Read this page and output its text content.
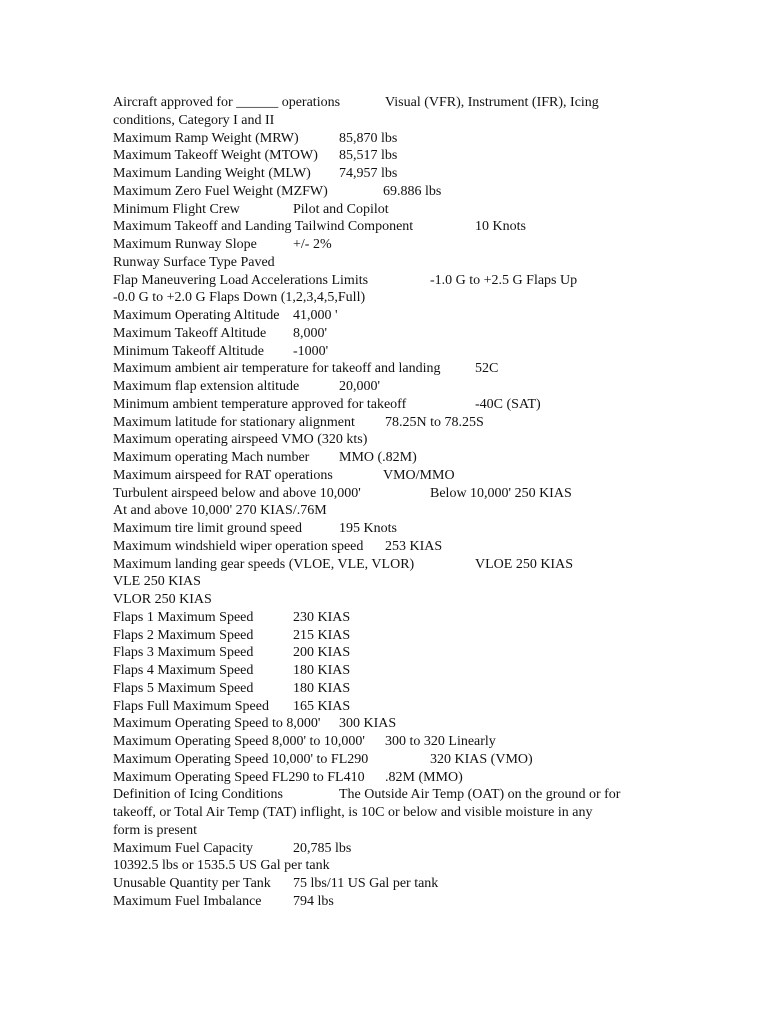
Aircraft approved for ______ operations	Visual (VFR), Instrument (IFR), Icing
conditions, Category I and II
Maximum Ramp Weight (MRW)	85,870 lbs
Maximum Takeoff Weight (MTOW) 85,517 lbs
Maximum Landing Weight (MLW) 74,957 lbs
Maximum Zero Fuel Weight (MZFW)	69.886 lbs
Minimum Flight Crew	Pilot and Copilot
Maximum Takeoff and Landing Tailwind Component	10 Knots
Maximum Runway Slope	+/- 2%
Runway Surface Type Paved
Flap Maneuvering Load Accelerations Limits	-1.0 G to +2.5 G Flaps Up
-0.0 G to +2.0 G Flaps Down (1,2,3,4,5,Full)
Maximum Operating Altitude 41,000 '
Maximum Takeoff Altitude 8,000'
Minimum Takeoff Altitude -1000'
Maximum ambient air temperature for takeoff and landing 52C
Maximum flap extension altitude	20,000'
Minimum ambient temperature approved for takeoff	-40C (SAT)
Maximum latitude for stationary alignment 78.25N to 78.25S
Maximum operating airspeed VMO (320 kts)
Maximum operating Mach number MMO (.82M)
Maximum airspeed for RAT operations	VMO/MMO
Turbulent airspeed below and above 10,000'	Below 10,000' 250 KIAS
At and above 10,000' 270 KIAS/.76M
Maximum tire limit ground speed	195 Knots
Maximum windshield wiper operation speed 253 KIAS
Maximum landing gear speeds (VLOE, VLE, VLOR)	VLOE 250 KIAS
VLE 250 KIAS
VLOR 250 KIAS
Flaps 1 Maximum Speed	230 KIAS
Flaps 2 Maximum Speed	215 KIAS
Flaps 3 Maximum Speed	200 KIAS
Flaps 4 Maximum Speed	180 KIAS
Flaps 5 Maximum Speed	180 KIAS
Flaps Full Maximum Speed 165 KIAS
Maximum Operating Speed to 8,000' 300 KIAS
Maximum Operating Speed 8,000' to 10,000' 300 to 320 Linearly
Maximum Operating Speed 10,000' to FL290	320 KIAS (VMO)
Maximum Operating Speed FL290 to FL410 .82M (MMO)
Definition of Icing Conditions	The Outside Air Temp (OAT) on the ground or for
takeoff, or Total Air Temp (TAT) inflight, is 10C or below and visible moisture in any
form is present
Maximum Fuel Capacity	20,785 lbs
10392.5 lbs or 1535.5 US Gal per tank
Unusable Quantity per Tank 75 lbs/11 US Gal per tank
Maximum Fuel Imbalance 794 lbs
